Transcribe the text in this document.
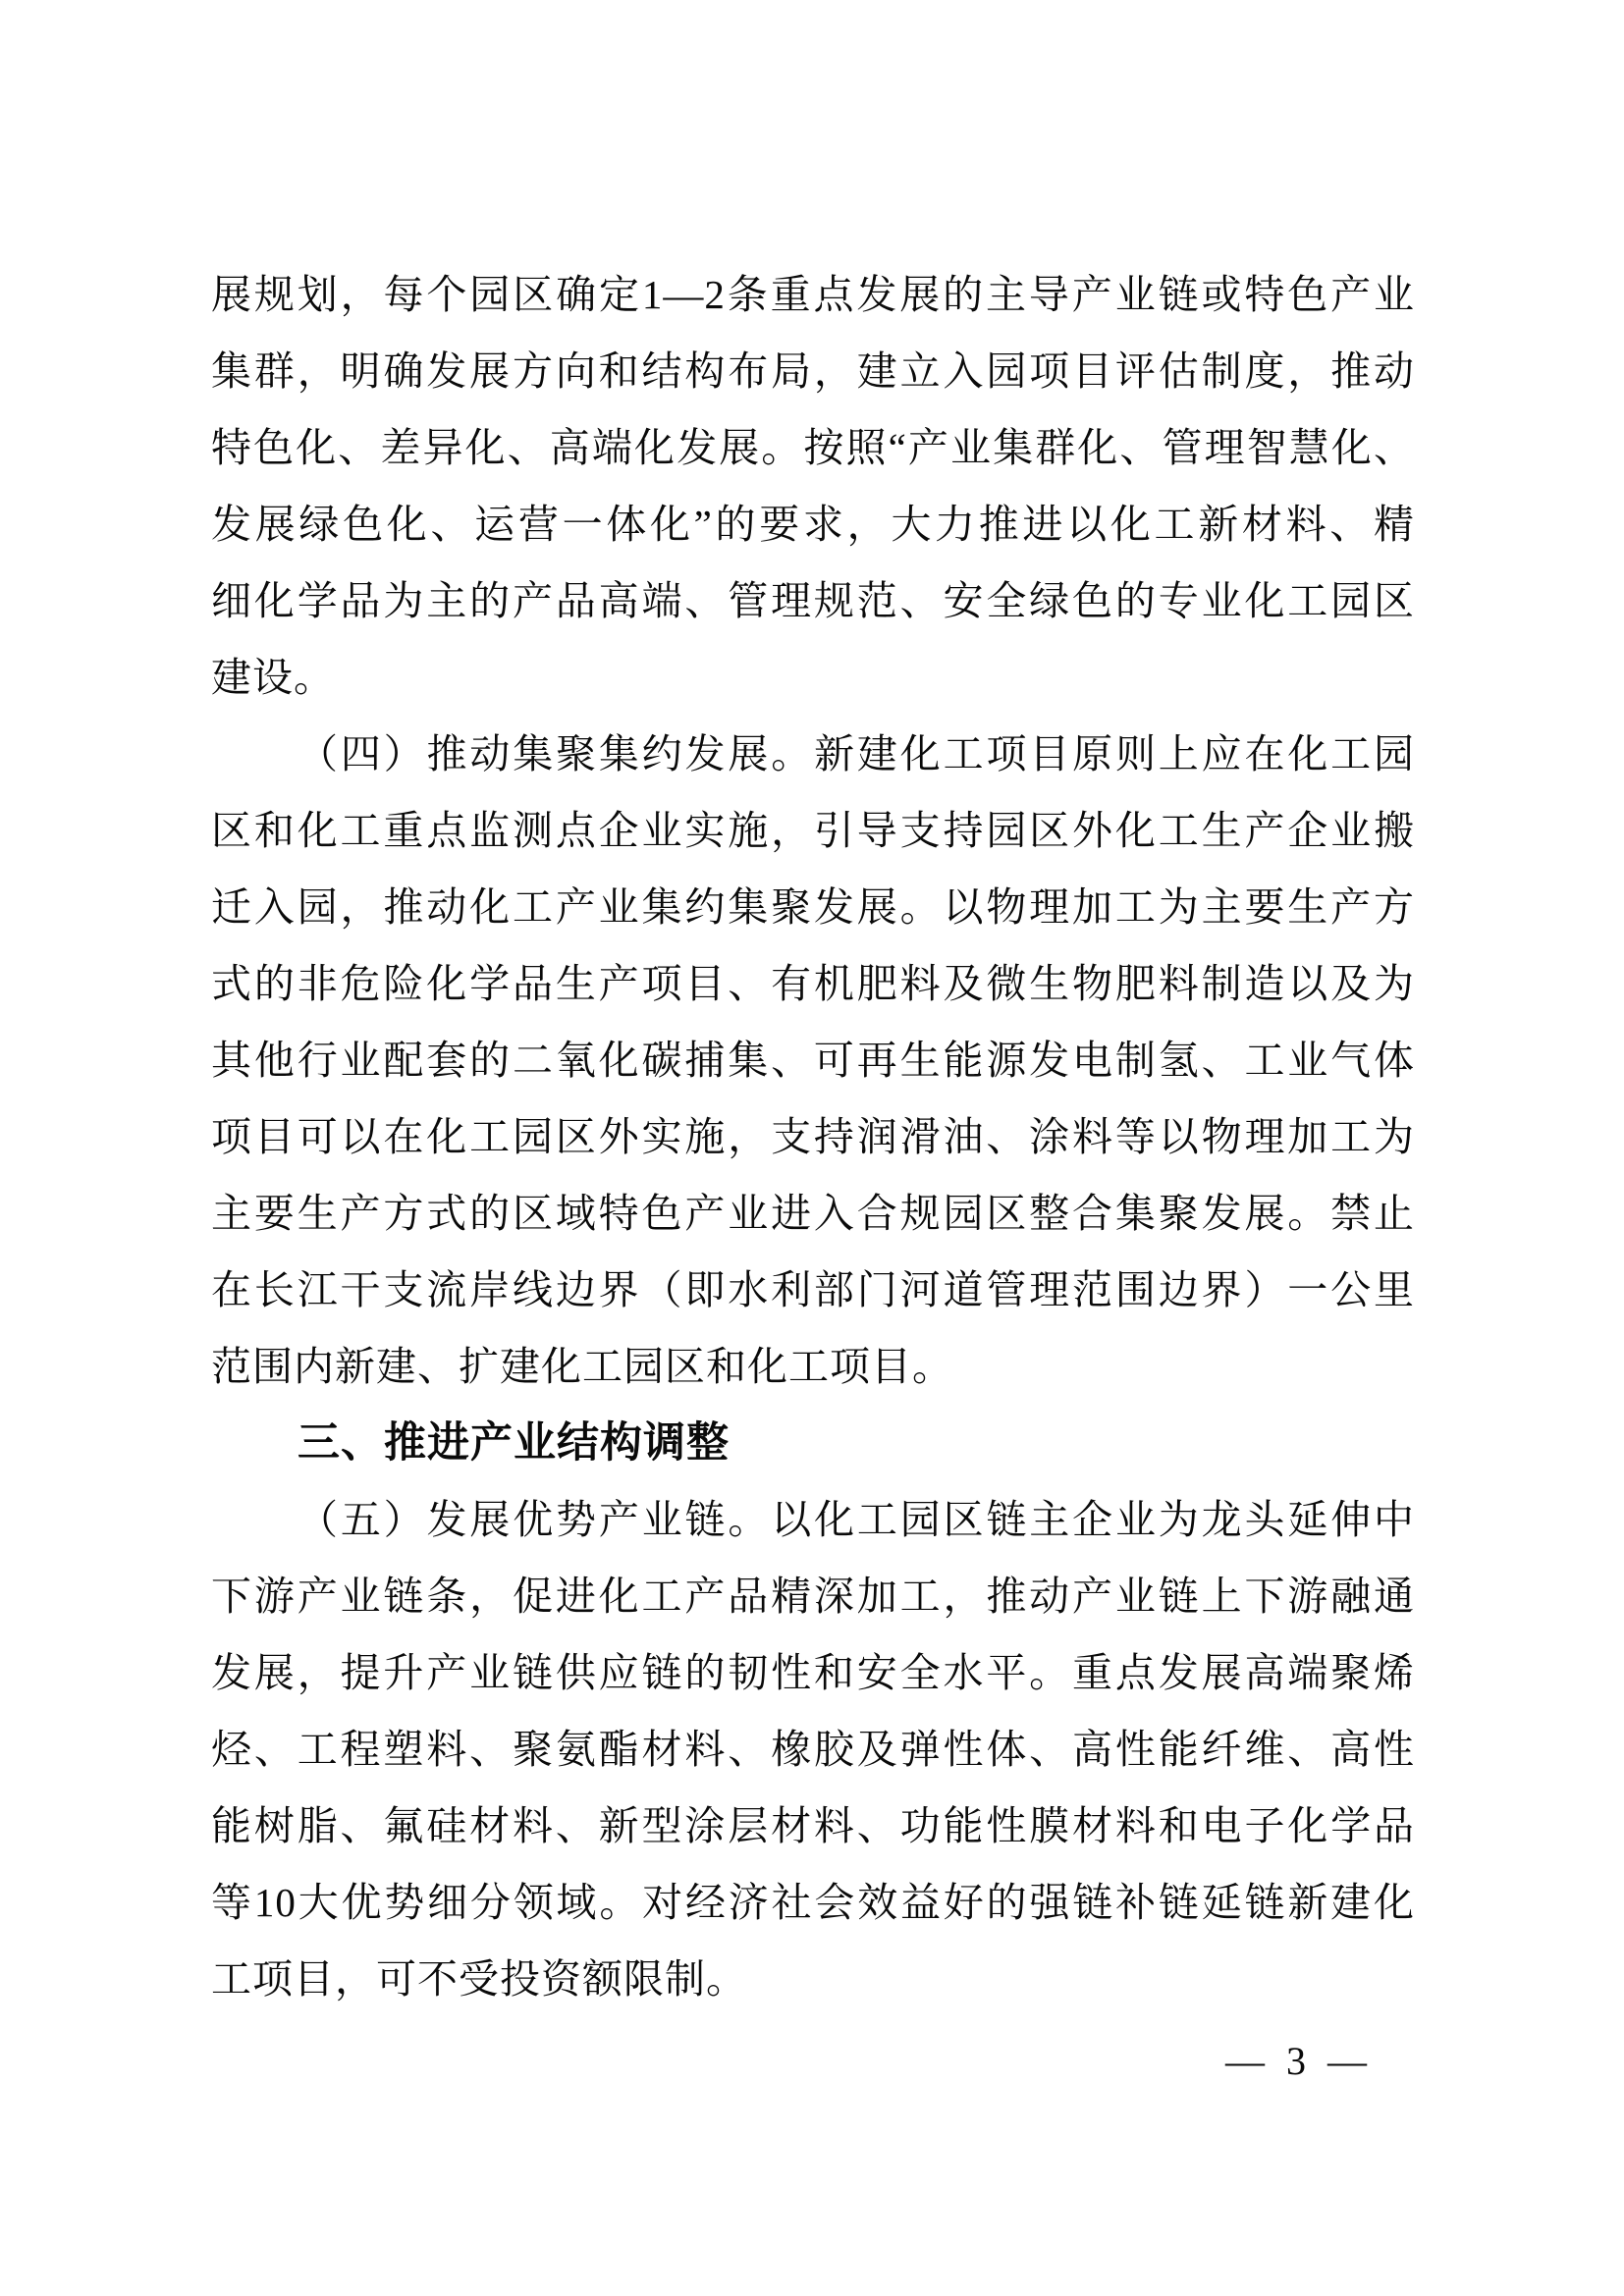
展规划，每个园区确定1—2条重点发展的主导产业链或特色产业
集群，明确发展方向和结构布局，建立入园项目评估制度，推动
特色化、差异化、高端化发展。按照“产业集群化、管理智慧化、
发展绿色化、运营一体化”的要求，大力推进以化工新材料、精
细化学品为主的产品高端、管理规范、安全绿色的专业化工园区
建设。
（四）推动集聚集约发展。新建化工项目原则上应在化工园
区和化工重点监测点企业实施，引导支持园区外化工生产企业搬
迁入园，推动化工产业集约集聚发展。以物理加工为主要生产方
式的非危险化学品生产项目、有机肥料及微生物肥料制造以及为
其他行业配套的二氧化碳捕集、可再生能源发电制氢、工业气体
项目可以在化工园区外实施，支持润滑油、涂料等以物理加工为
主要生产方式的区域特色产业进入合规园区整合集聚发展。禁止
在长江干支流岸线边界（即水利部门河道管理范围边界）一公里
范围内新建、扩建化工园区和化工项目。
三、推进产业结构调整
（五）发展优势产业链。以化工园区链主企业为龙头延伸中
下游产业链条，促进化工产品精深加工，推动产业链上下游融通
发展，提升产业链供应链的韧性和安全水平。重点发展高端聚烯
烃、工程塑料、聚氨酯材料、橡胶及弹性体、高性能纤维、高性
能树脂、氟硅材料、新型涂层材料、功能性膜材料和电子化学品
等10大优势细分领域。对经济社会效益好的强链补链延链新建化
工项目，可不受投资额限制。
— 3 —
